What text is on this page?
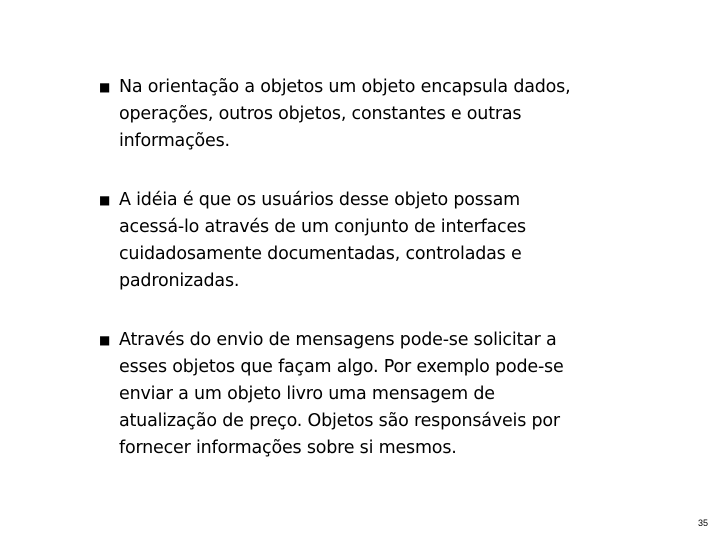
■ Na orientação a objetos um objeto encapsula dados,
operações, outros objetos, constantes e outras
informações.
■ A idéia é que os usuários desse objeto possam
acessá-lo através de um conjunto de interfaces
cuidadosamente documentadas, controladas e
padronizadas.
■ Através do envio de mensagens pode-se solicitar a
esses objetos que façam algo. Por exemplo pode-se
enviar a um objeto livro uma mensagem de
atualização de preço. Objetos são responsáveis por
fornecer informações sobre si mesmos.
35
